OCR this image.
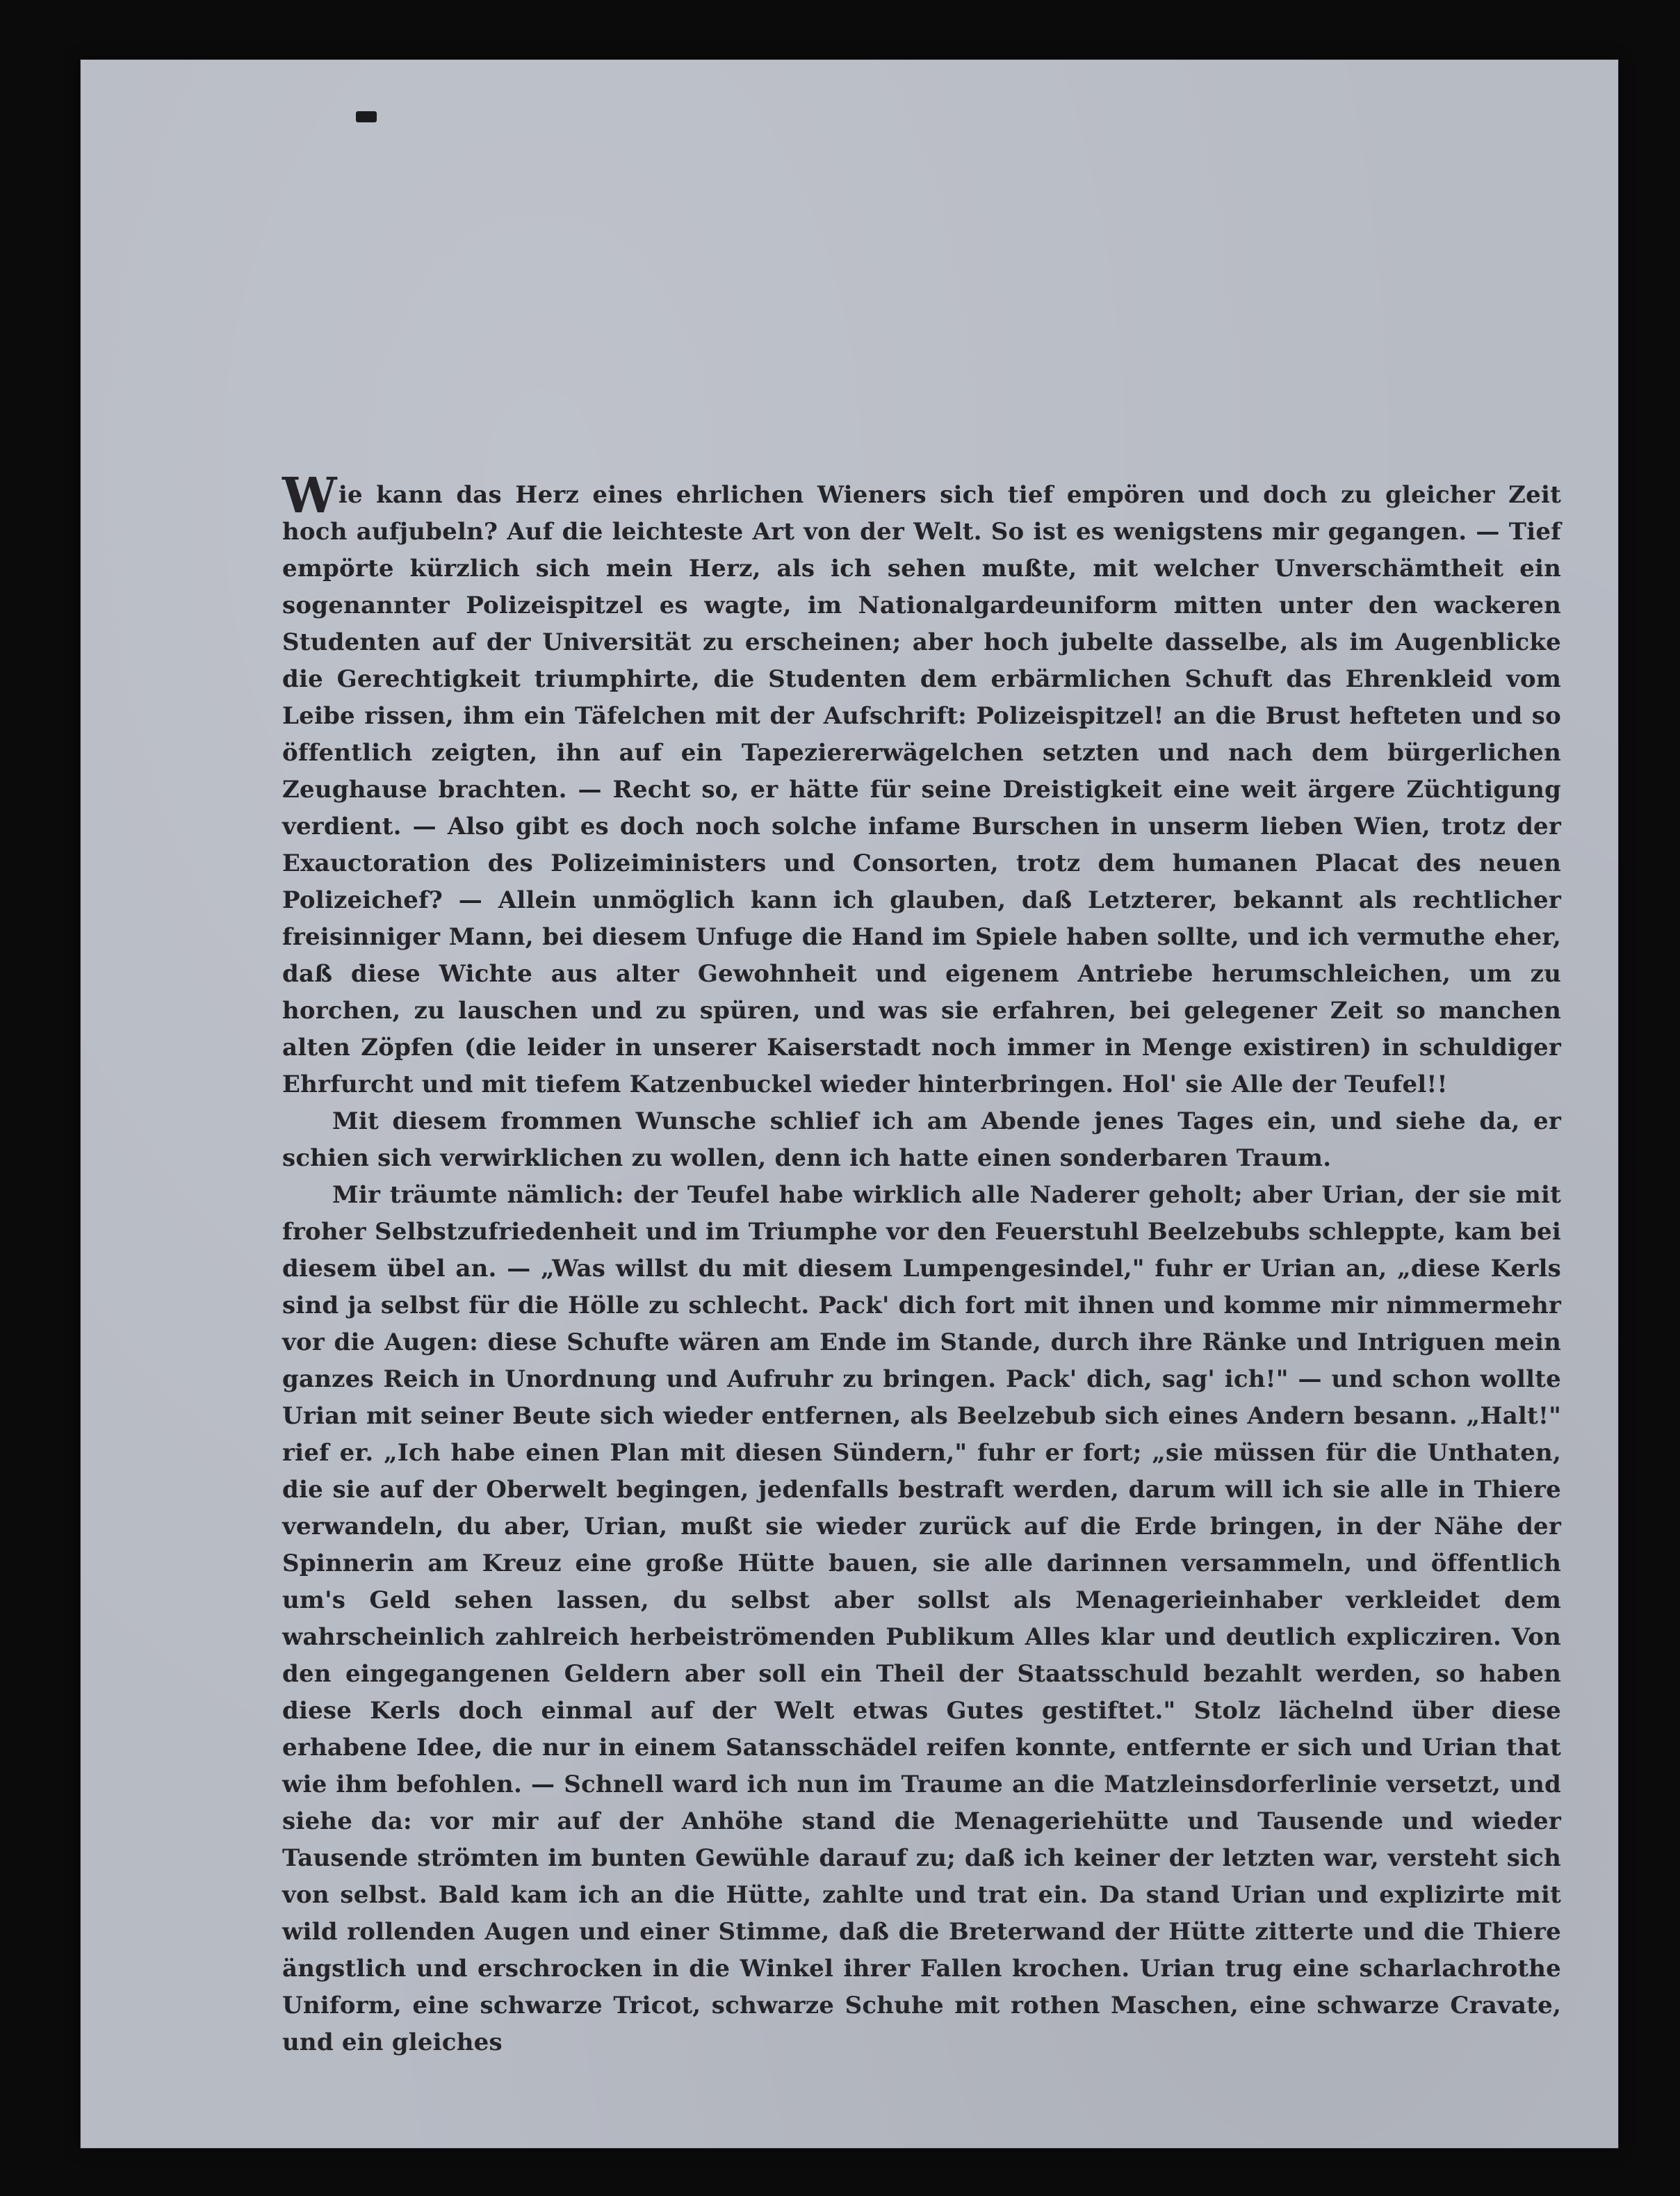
Wie kann das Herz eines ehrlichen Wieners sich tief empören und doch zu gleicher Zeit hoch aufjubeln? Auf die leichteste Art von der Welt. So ist es wenigstens mir gegangen. — Tief empörte kürzlich sich mein Herz, als ich sehen mußte, mit welcher Unverschämtheit ein sogenannter Polizeispitzel es wagte, im Nationalgardeuniform mitten unter den wackeren Studenten auf der Universität zu erscheinen; aber hoch jubelte dasselbe, als im Augenblicke die Gerechtigkeit triumphirte, die Studenten dem erbärmlichen Schuft das Ehrenkleid vom Leibe rissen, ihm ein Täfelchen mit der Aufschrift: Polizeispitzel! an die Brust hefteten und so öffentlich zeigten, ihn auf ein Tapeziererwägelchen setzten und nach dem bürgerlichen Zeughause brachten. — Recht so, er hätte für seine Dreistigkeit eine weit ärgere Züchtigung verdient. — Also gibt es doch noch solche infame Burschen in unserm lieben Wien, trotz der Exauctoration des Polizeiministers und Consorten, trotz dem humanen Placat des neuen Polizeichef? — Allein unmöglich kann ich glauben, daß Letzterer, bekannt als rechtlicher freisinniger Mann, bei diesem Unfuge die Hand im Spiele haben sollte, und ich vermuthe eher, daß diese Wichte aus alter Gewohnheit und eigenem Antriebe herumschleichen, um zu horchen, zu lauschen und zu spüren, und was sie erfahren, bei gelegener Zeit so manchen alten Zöpfen (die leider in unserer Kaiserstadt noch immer in Menge existiren) in schuldiger Ehrfurcht und mit tiefem Katzenbuckel wieder hinterbringen. Hol' sie Alle der Teufel!!

Mit diesem frommen Wunsche schlief ich am Abende jenes Tages ein, und siehe da, er schien sich verwirklichen zu wollen, denn ich hatte einen sonderbaren Traum.

Mir träumte nämlich: der Teufel habe wirklich alle Naderer geholt; aber Urian, der sie mit froher Selbstzufriedenheit und im Triumphe vor den Feuerstuhl Beelzebubs schleppte, kam bei diesem übel an. — „Was willst du mit diesem Lumpengesindel," fuhr er Urian an, „diese Kerls sind ja selbst für die Hölle zu schlecht. Pack' dich fort mit ihnen und komme mir nimmermehr vor die Augen: diese Schufte wären am Ende im Stande, durch ihre Ränke und Intriguen mein ganzes Reich in Unordnung und Aufruhr zu bringen. Pack' dich, sag' ich!" — und schon wollte Urian mit seiner Beute sich wieder entfernen, als Beelzebub sich eines Andern besann. „Halt!" rief er. „Ich habe einen Plan mit diesen Sündern," fuhr er fort; „sie müssen für die Unthaten, die sie auf der Oberwelt begingen, jedenfalls bestraft werden, darum will ich sie alle in Thiere verwandeln, du aber, Urian, mußt sie wieder zurück auf die Erde bringen, in der Nähe der Spinnerin am Kreuz eine große Hütte bauen, sie alle darinnen versammeln, und öffentlich um's Geld sehen lassen, du selbst aber sollst als Menagerieinhaber verkleidet dem wahrscheinlich zahlreich herbeiströmenden Publikum Alles klar und deutlich explicziren. Von den eingegangenen Geldern aber soll ein Theil der Staatsschuld bezahlt werden, so haben diese Kerls doch einmal auf der Welt etwas Gutes gestiftet." Stolz lächelnd über diese erhabene Idee, die nur in einem Satansschädel reifen konnte, entfernte er sich und Urian that wie ihm befohlen. — Schnell ward ich nun im Traume an die Matzleinsdorferlinie versetzt, und siehe da: vor mir auf der Anhöhe stand die Menageriehütte und Tausende und wieder Tausende strömten im bunten Gewühle darauf zu; daß ich keiner der letzten war, versteht sich von selbst. Bald kam ich an die Hütte, zahlte und trat ein. Da stand Urian und explizirte mit wild rollenden Augen und einer Stimme, daß die Breterwand der Hütte zitterte und die Thiere ängstlich und erschrocken in die Winkel ihrer Fallen krochen. Urian trug eine scharlachrothe Uniform, eine schwarze Tricot, schwarze Schuhe mit rothen Maschen, eine schwarze Cravate, und ein gleiches
